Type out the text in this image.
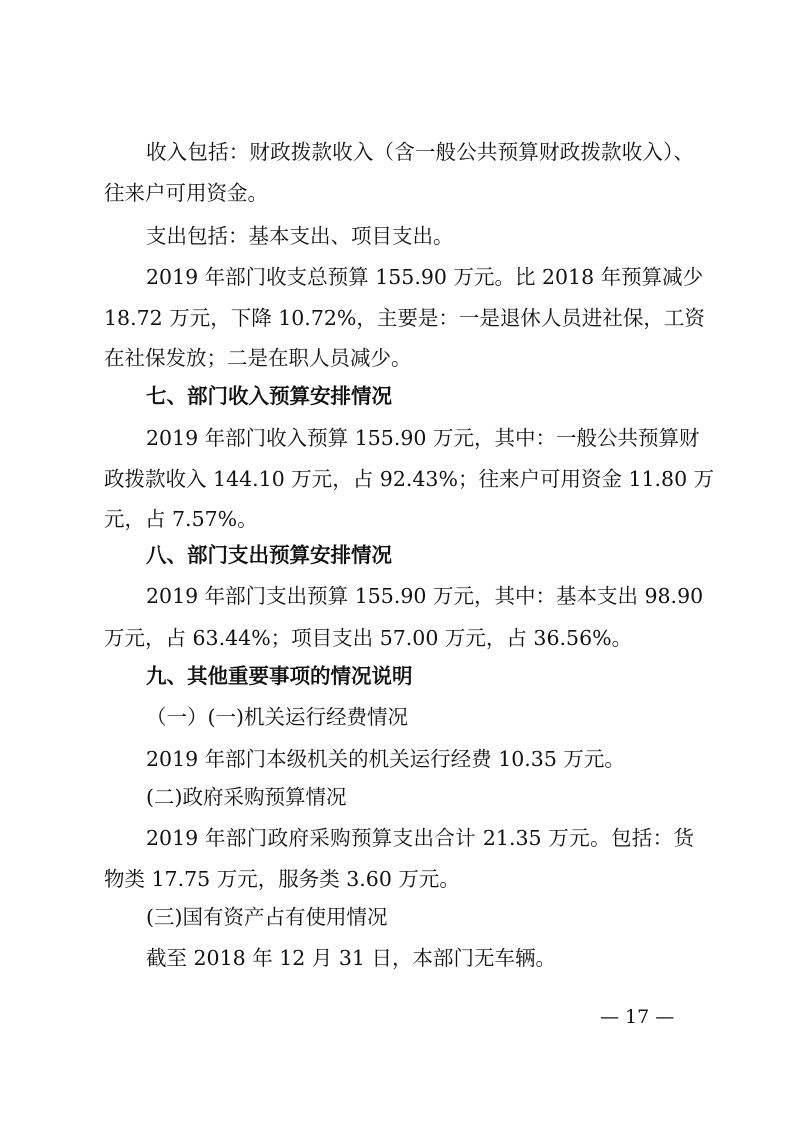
收入包括：财政拨款收入（含一般公共预算财政拨款收入）、
往来户可用资金。
支出包括：基本支出、项目支出。
2019 年部门收支总预算 155.90 万元。比 2018 年预算减少
18.72 万元，下降 10.72%，主要是：一是退休人员进社保，工资
在社保发放；二是在职人员减少。
七、部门收入预算安排情况
2019 年部门收入预算 155.90 万元，其中：一般公共预算财
政拨款收入 144.10 万元，占 92.43%；往来户可用资金 11.80 万
元，占 7.57%。
八、部门支出预算安排情况
2019 年部门支出预算 155.90 万元，其中：基本支出 98.90
万元，占 63.44%；项目支出 57.00 万元，占 36.56%。
九、其他重要事项的情况说明
（一）(一)机关运行经费情况
2019 年部门本级机关的机关运行经费 10.35 万元。
(二)政府采购预算情况
2019 年部门政府采购预算支出合计 21.35 万元。包括：货
物类 17.75 万元，服务类 3.60 万元。
(三)国有资产占有使用情况
截至 2018 年 12 月 31 日，本部门无车辆。
— 17 —
